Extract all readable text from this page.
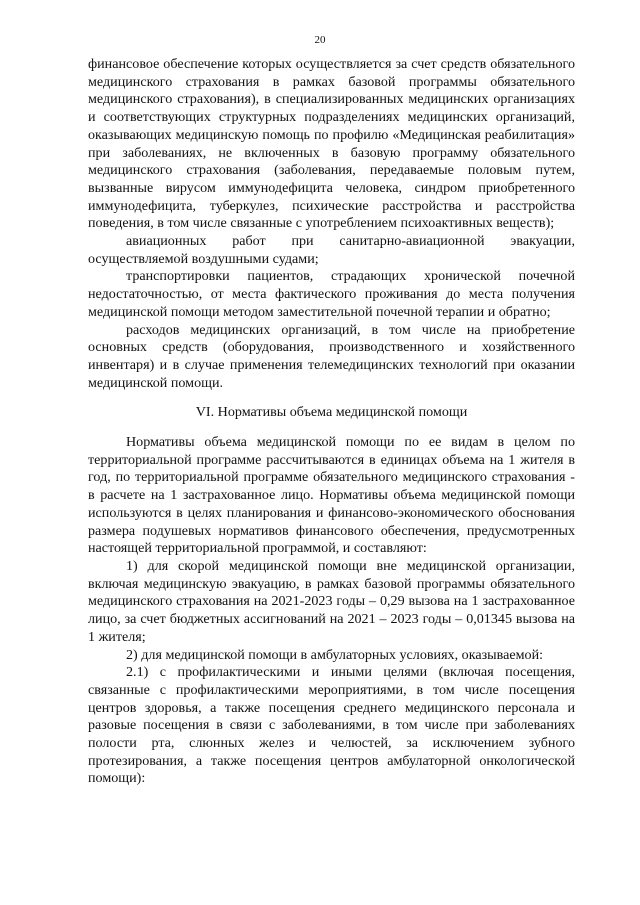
20

финансовое обеспечение которых осуществляется за счет средств обязательного медицинского страхования в рамках базовой программы обязательного медицинского страхования), в специализированных медицинских организациях и соответствующих структурных подразделениях медицинских организаций, оказывающих медицинскую помощь по профилю «Медицинская реабилитация» при заболеваниях, не включенных в базовую программу обязательного медицинского страхования (заболевания, передаваемые половым путем, вызванные вирусом иммунодефицита человека, синдром приобретенного иммунодефицита, туберкулез, психические расстройства и расстройства поведения, в том числе связанные с употреблением психоактивных веществ);

авиационных работ при санитарно-авиационной эвакуации, осуществляемой воздушными судами;

транспортировки пациентов, страдающих хронической почечной недостаточностью, от места фактического проживания до места получения медицинской помощи методом заместительной почечной терапии и обратно;

расходов медицинских организаций, в том числе на приобретение основных средств (оборудования, производственного и хозяйственного инвентаря) и в случае применения телемедицинских технологий при оказании медицинской помощи.

VI. Нормативы объема медицинской помощи

Нормативы объема медицинской помощи по ее видам в целом по территориальной программе рассчитываются в единицах объема на 1 жителя в год, по территориальной программе обязательного медицинского страхования - в расчете на 1 застрахованное лицо. Нормативы объема медицинской помощи используются в целях планирования и финансово-экономического обоснования размера подушевых нормативов финансового обеспечения, предусмотренных настоящей территориальной программой, и составляют:

1) для скорой медицинской помощи вне медицинской организации, включая медицинскую эвакуацию, в рамках базовой программы обязательного медицинского страхования на 2021-2023 годы – 0,29 вызова на 1 застрахованное лицо, за счет бюджетных ассигнований на 2021 – 2023 годы – 0,01345 вызова на 1 жителя;

2) для медицинской помощи в амбулаторных условиях, оказываемой:

2.1) с профилактическими и иными целями (включая посещения, связанные с профилактическими мероприятиями, в том числе посещения центров здоровья, а также посещения среднего медицинского персонала и разовые посещения в связи с заболеваниями, в том числе при заболеваниях полости рта, слюнных желез и челюстей, за исключением зубного протезирования, а также посещения центров амбулаторной онкологической помощи):
